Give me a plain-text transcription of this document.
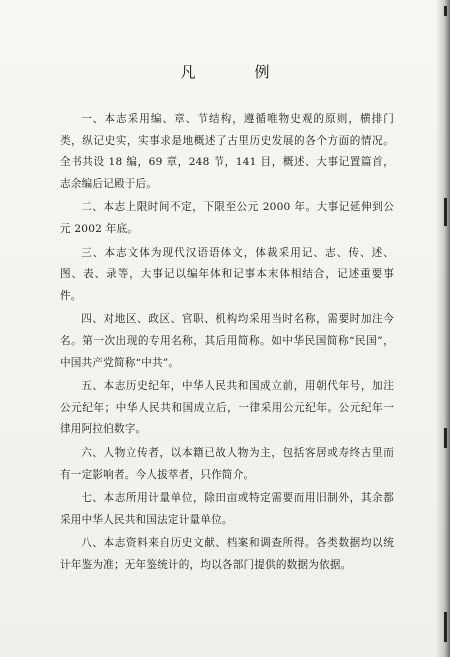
凡　例

一、本志采用编、章、节结构，遵循唯物史观的原则，横排门类，纵记史实，实事求是地概述了古里历史发展的各个方面的情况。全书共设 18 编，69 章，248 节，141 目，概述、大事记置篇首，志余编后记殿于后。

二、本志上限时间不定，下限至公元 2000 年。大事记延伸到公元 2002 年底。

三、本志文体为现代汉语语体文，体裁采用记、志、传、述、图、表、录等，大事记以编年体和记事本末体相结合，记述重要事件。

四、对地区、政区、官职、机构均采用当时名称，需要时加注今名。第一次出现的专用名称，其后用简称。如中华民国简称“民国”，中国共产党简称“中共”。

五、本志历史纪年，中华人民共和国成立前，用朝代年号，加注公元纪年；中华人民共和国成立后，一律采用公元纪年。公元纪年一律用阿拉伯数字。

六、人物立传者，以本籍已故人物为主，包括客居或寿终古里而有一定影响者。今人拔萃者，只作简介。

七、本志所用计量单位，除田亩或特定需要而用旧制外，其余都采用中华人民共和国法定计量单位。

八、本志资料来自历史文献、档案和调查所得。各类数据均以统计年鉴为准；无年鉴统计的，均以各部门提供的数据为依据。
